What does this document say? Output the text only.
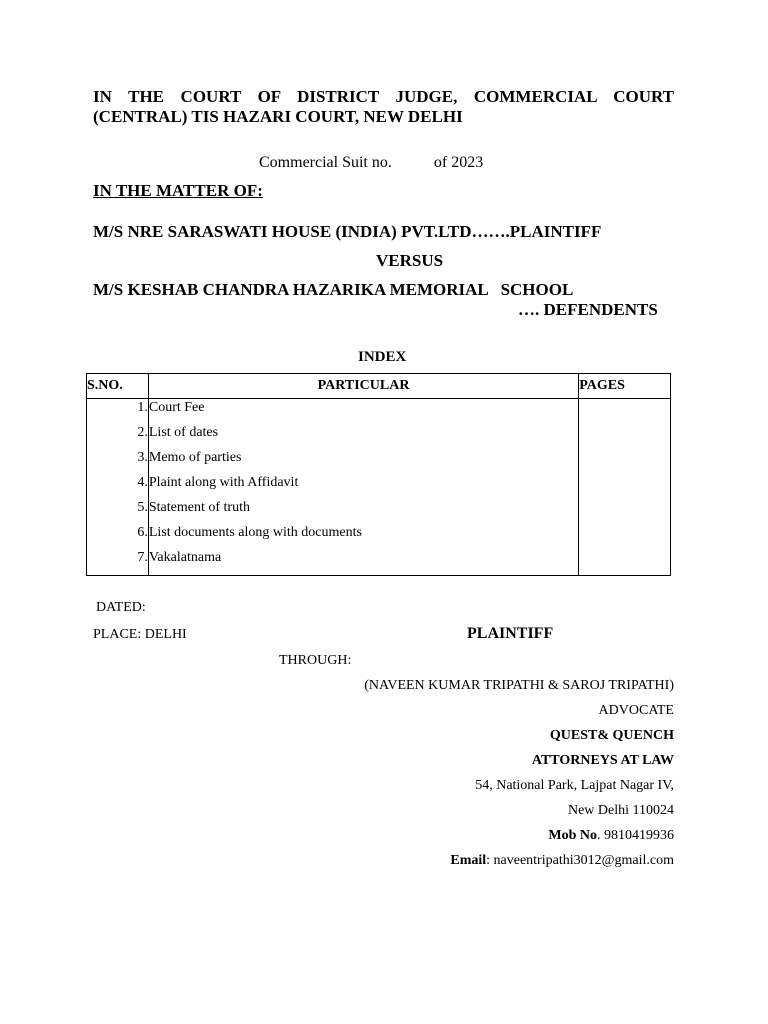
IN THE COURT OF DISTRICT JUDGE, COMMERCIAL COURT
(CENTRAL) TIS HAZARI COURT, NEW DELHI
Commercial Suit no.	of 2023
IN THE MATTER OF:
M/S NRE SARASWATI HOUSE (INDIA) PVT.LTD…….PLAINTIFF
VERSUS
M/S KESHAB CHANDRA HAZARIKA MEMORIAL   SCHOOL
…. DEFENDENTS
INDEX
S.NO.	PARTICULAR	PAGES
1.	Court Fee	
2.	List of dates	
3.	Memo of parties	
4.	Plaint along with Affidavit	
5.	Statement of truth	
6.	List documents along with documents	
7.	Vakalatnama	
DATED:
PLACE: DELHI	PLAINTIFF
THROUGH:
(NAVEEN KUMAR TRIPATHI & SAROJ TRIPATHI)
ADVOCATE
QUEST& QUENCH
ATTORNEYS AT LAW
54, National Park, Lajpat Nagar IV,
New Delhi 110024
Mob No. 9810419936
Email: naveentripathi3012@gmail.com
